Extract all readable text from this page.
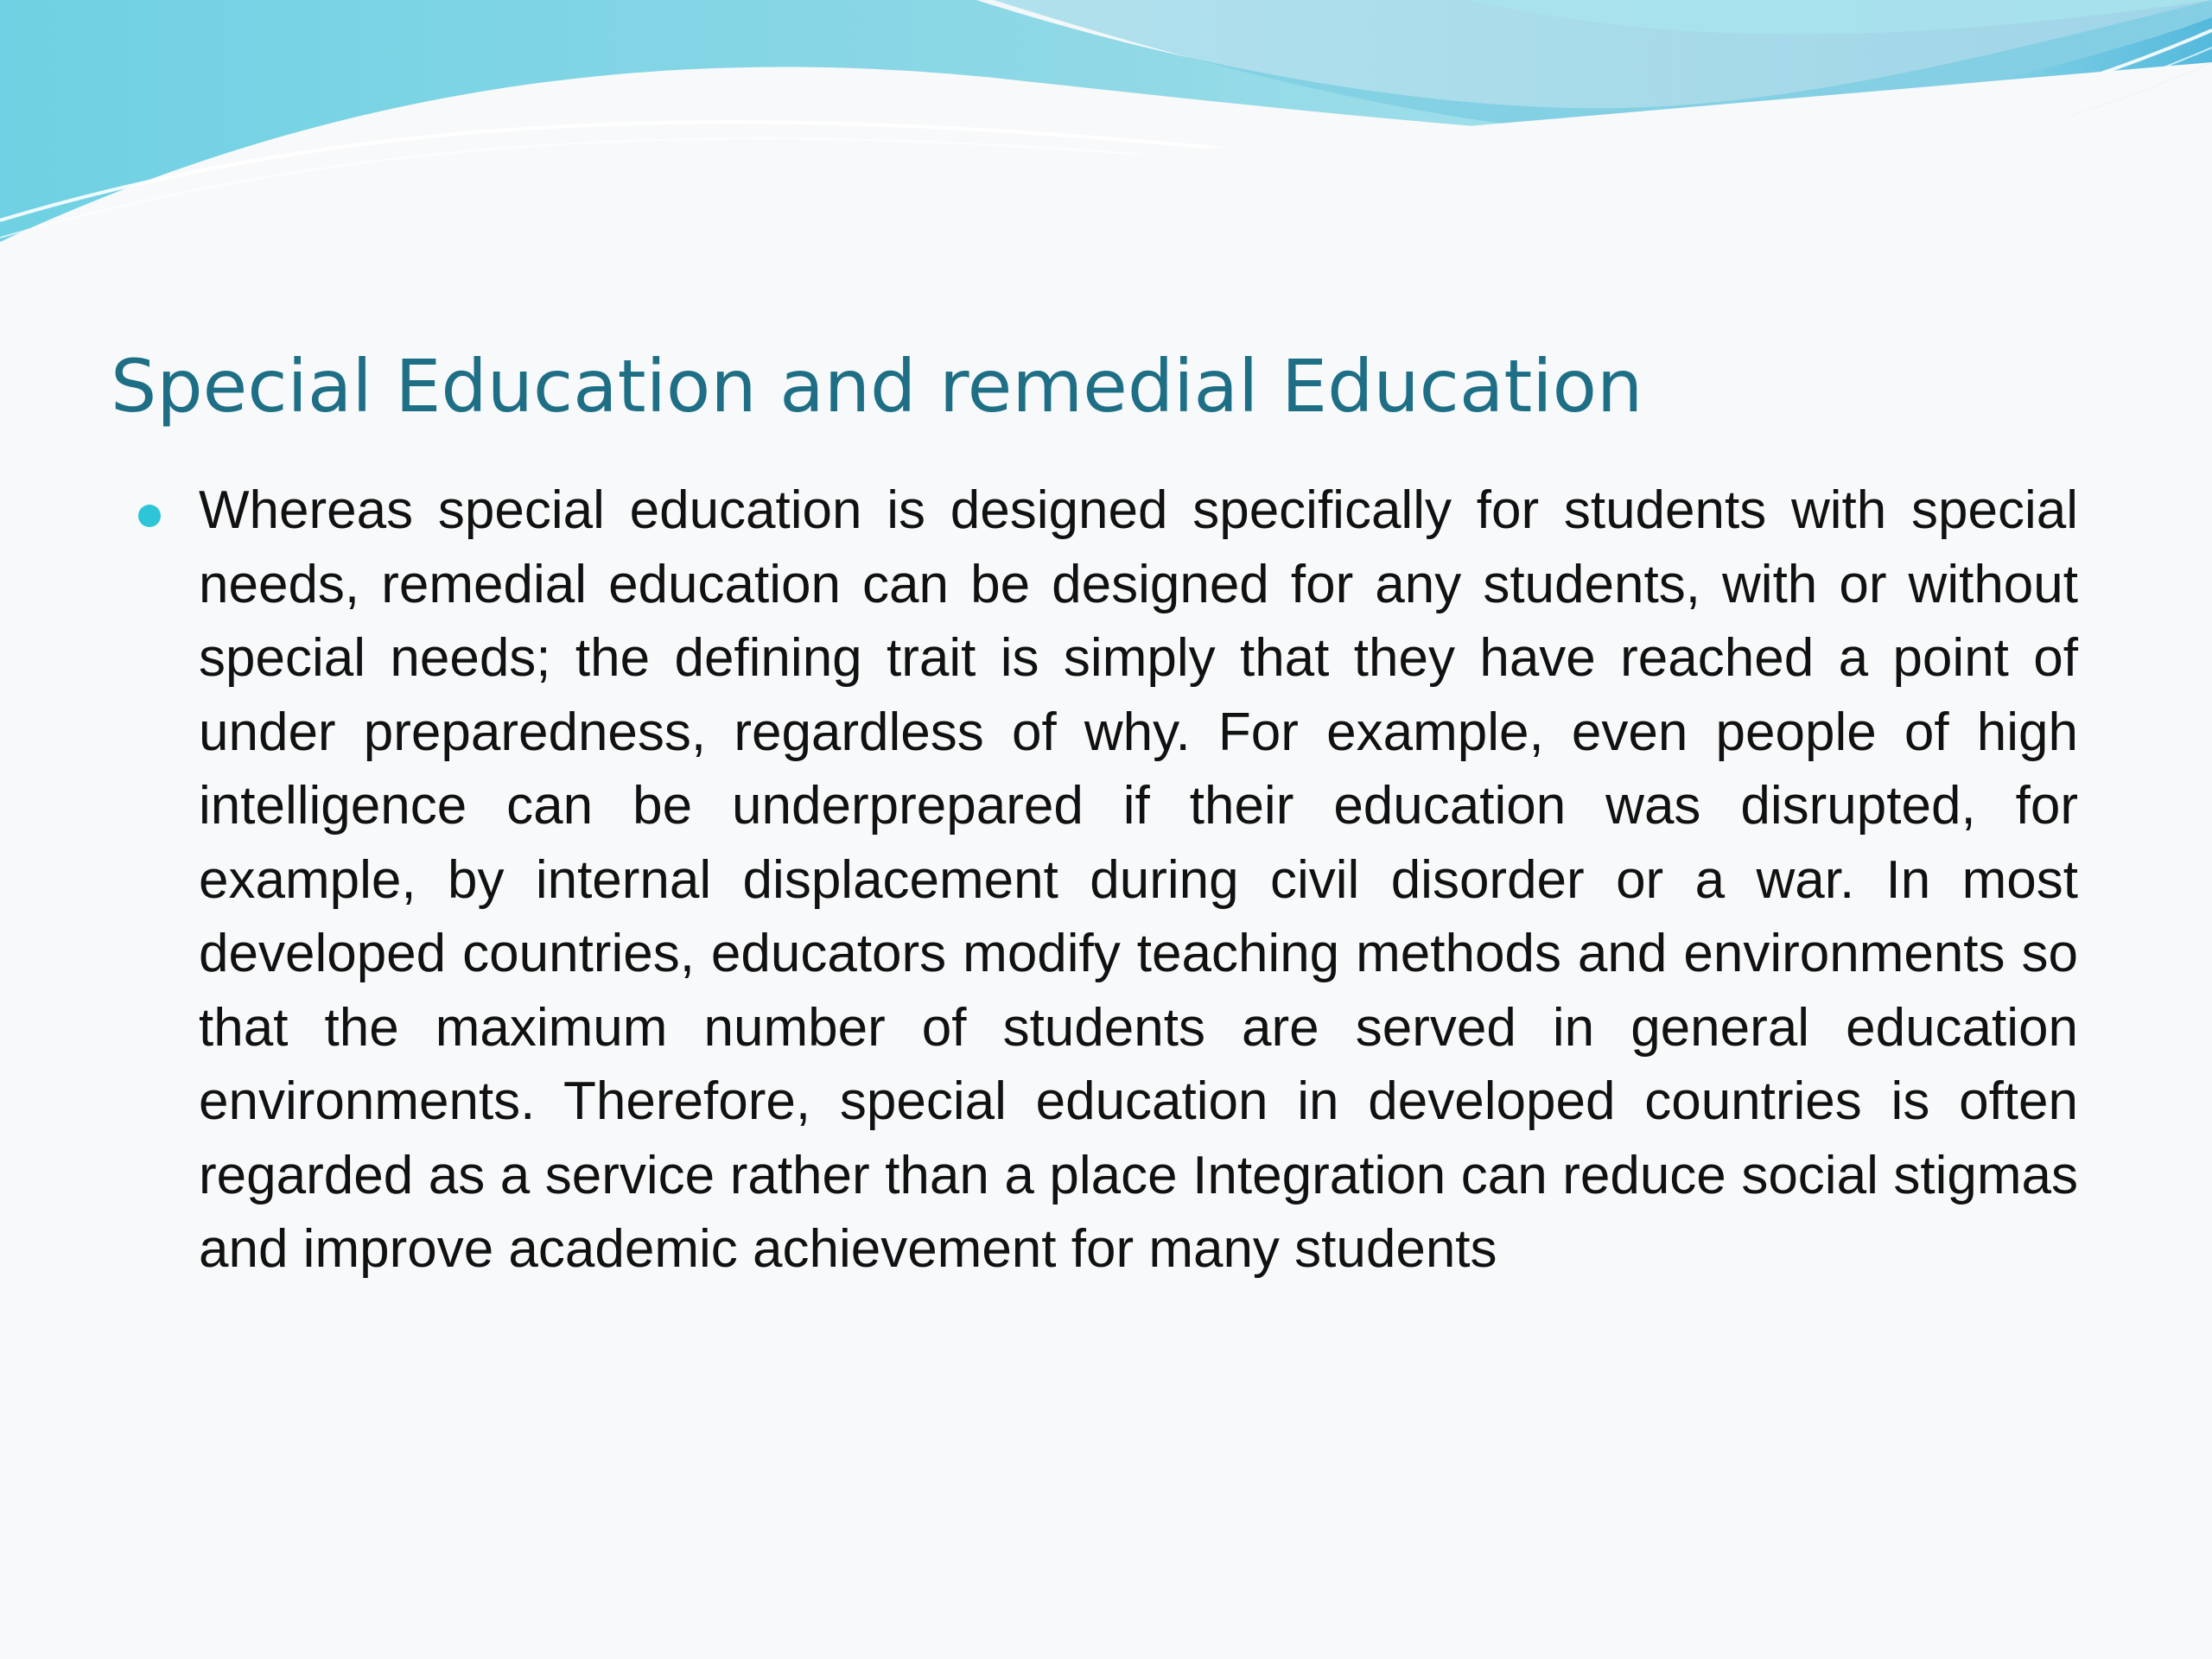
Special Education and remedial Education

Whereas special education is designed specifically for students with special needs, remedial education can be designed for any students, with or without special needs; the defining trait is simply that they have reached a point of under preparedness, regardless of why. For example, even people of high intelligence can be underprepared if their education was disrupted, for example, by internal displacement during civil disorder or a war. In most developed countries, educators modify teaching methods and environments so that the maximum number of students are served in general education environments. Therefore, special education in developed countries is often regarded as a service rather than a place Integration can reduce social stigmas and improve academic achievement for many students
